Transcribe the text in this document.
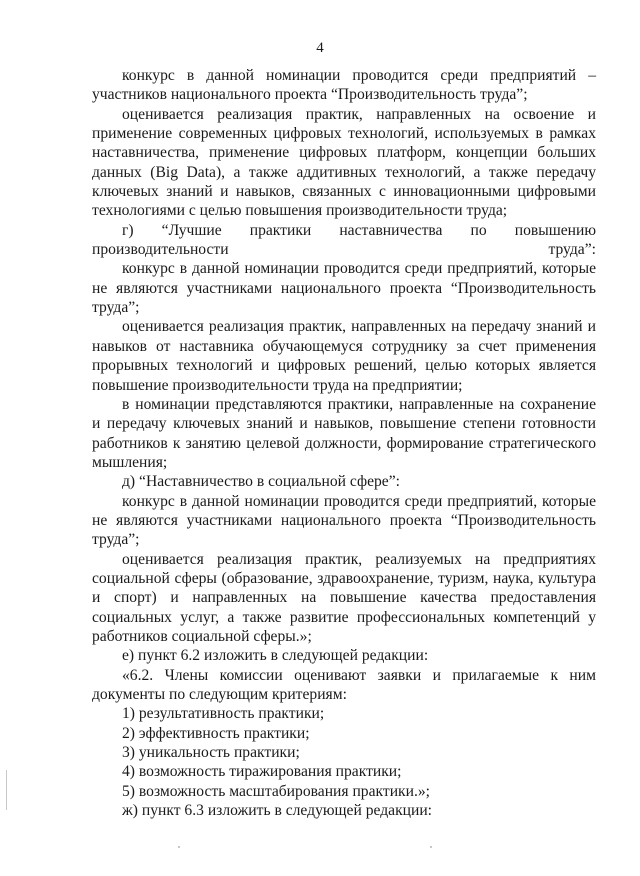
4

конкурс в данной номинации проводится среди предприятий – участников национального проекта “Производительность труда”;

оценивается реализация практик, направленных на освоение и применение современных цифровых технологий, используемых в рамках наставничества, применение цифровых платформ, концепции больших данных (Big Data), а также аддитивных технологий, а также передачу ключевых знаний и навыков, связанных с инновационными цифровыми технологиями с целью повышения производительности труда;

г) “Лучшие практики наставничества по повышению производительности труда”:

конкурс в данной номинации проводится среди предприятий, которые не являются участниками национального проекта “Производительность труда”;

оценивается реализация практик, направленных на передачу знаний и навыков от наставника обучающемуся сотруднику за счет применения прорывных технологий и цифровых решений, целью которых является повышение производительности труда на предприятии;

в номинации представляются практики, направленные на сохранение и передачу ключевых знаний и навыков, повышение степени готовности работников к занятию целевой должности, формирование стратегического мышления;

д) “Наставничество в социальной сфере”:

конкурс в данной номинации проводится среди предприятий, которые не являются участниками национального проекта “Производительность труда”;

оценивается реализация практик, реализуемых на предприятиях социальной сферы (образование, здравоохранение, туризм, наука, культура и спорт) и направленных на повышение качества предоставления социальных услуг, а также развитие профессиональных компетенций у работников социальной сферы.»;

е) пункт 6.2 изложить в следующей редакции:

«6.2. Члены комиссии оценивают заявки и прилагаемые к ним документы по следующим критериям:

1) результативность практики;

2) эффективность практики;

3) уникальность практики;

4) возможность тиражирования практики;

5) возможность масштабирования практики.»;

ж) пункт 6.3 изложить в следующей редакции:
